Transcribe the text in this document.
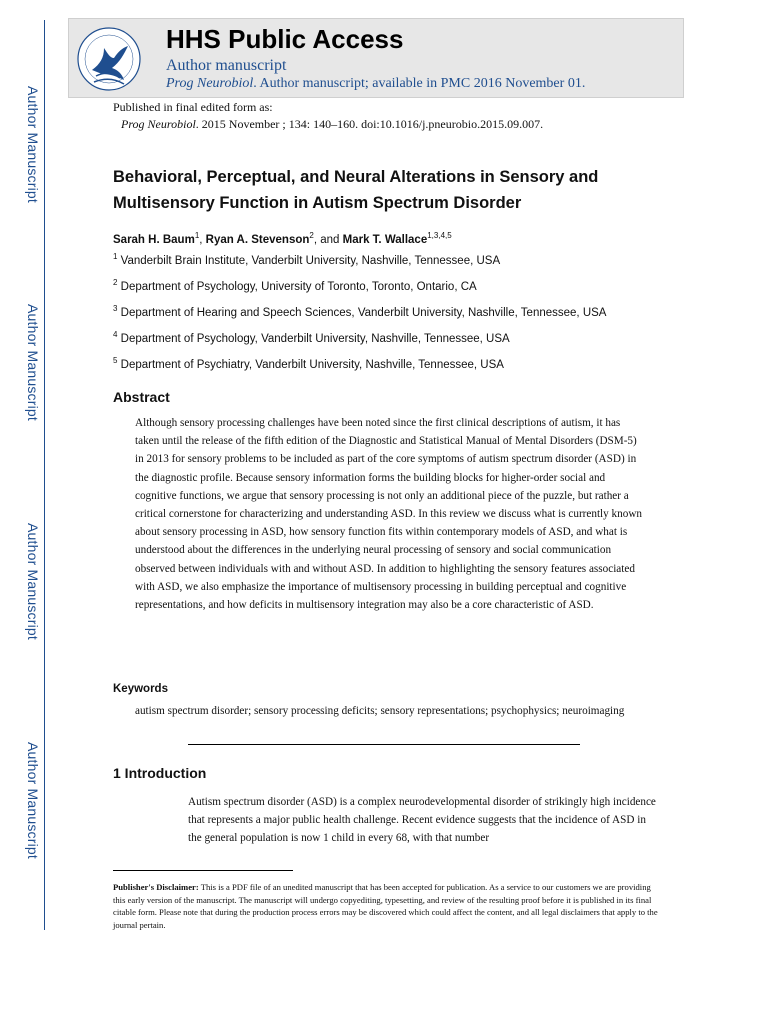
Author Manuscript
Author Manuscript
Author Manuscript
Author Manuscript
HHS Public Access
Author manuscript
Prog Neurobiol. Author manuscript; available in PMC 2016 November 01.
Published in final edited form as:
Prog Neurobiol. 2015 November ; 134: 140–160. doi:10.1016/j.pneurobio.2015.09.007.
Behavioral, Perceptual, and Neural Alterations in Sensory and Multisensory Function in Autism Spectrum Disorder
Sarah H. Baum$^1$, Ryan A. Stevenson$^2$, and Mark T. Wallace$^{1,3,4,5}$
$^1$ Vanderbilt Brain Institute, Vanderbilt University, Nashville, Tennessee, USA
$^2$ Department of Psychology, University of Toronto, Toronto, Ontario, CA
$^3$ Department of Hearing and Speech Sciences, Vanderbilt University, Nashville, Tennessee, USA
$^4$ Department of Psychology, Vanderbilt University, Nashville, Tennessee, USA
$^5$ Department of Psychiatry, Vanderbilt University, Nashville, Tennessee, USA
Abstract
Although sensory processing challenges have been noted since the first clinical descriptions of autism, it has taken until the release of the fifth edition of the Diagnostic and Statistical Manual of Mental Disorders (DSM-5) in 2013 for sensory problems to be included as part of the core symptoms of autism spectrum disorder (ASD) in the diagnostic profile. Because sensory information forms the building blocks for higher-order social and cognitive functions, we argue that sensory processing is not only an additional piece of the puzzle, but rather a critical cornerstone for characterizing and understanding ASD. In this review we discuss what is currently known about sensory processing in ASD, how sensory function fits within contemporary models of ASD, and what is understood about the differences in the underlying neural processing of sensory and social communication observed between individuals with and without ASD. In addition to highlighting the sensory features associated with ASD, we also emphasize the importance of multisensory processing in building perceptual and cognitive representations, and how deficits in multisensory integration may also be a core characteristic of ASD.
Keywords
autism spectrum disorder; sensory processing deficits; sensory representations; psychophysics; neuroimaging
1 Introduction
Autism spectrum disorder (ASD) is a complex neurodevelopmental disorder of strikingly high incidence that represents a major public health challenge. Recent evidence suggests that the incidence of ASD in the general population is now 1 child in every 68, with that number
Publisher's Disclaimer: This is a PDF file of an unedited manuscript that has been accepted for publication. As a service to our customers we are providing this early version of the manuscript. The manuscript will undergo copyediting, typesetting, and review of the resulting proof before it is published in its final citable form. Please note that during the production process errors may be discovered which could affect the content, and all legal disclaimers that apply to the journal pertain.
